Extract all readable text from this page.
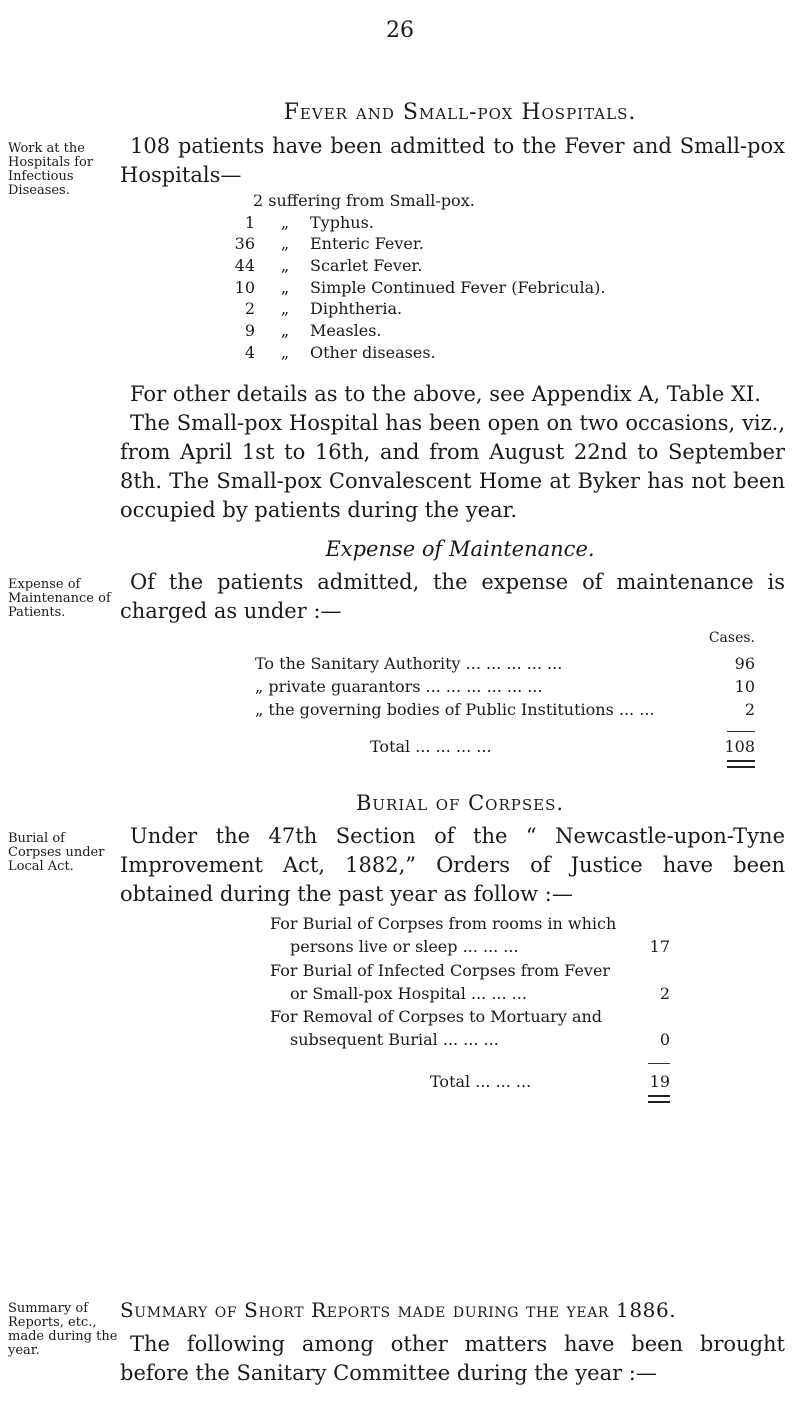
26
Fever and Small-pox Hospitals.
Work at the Hospitals for Infectious Diseases.
108 patients have been admitted to the Fever and Small-pox Hospitals—
2 suffering from Small-pox.
1	„	Typhus.
36	„	Enteric Fever.
44	„	Scarlet Fever.
10	„	Simple Continued Fever (Febricula).
2	„	Diphtheria.
9	„	Measles.
4	„	Other diseases.
For other details as to the above, see Appendix A, Table XI.
The Small-pox Hospital has been open on two occasions, viz., from April 1st to 16th, and from August 22nd to September 8th. The Small-pox Convalescent Home at Byker has not been occupied by patients during the year.
Expense of Maintenance.
Expense of Maintenance of Patients.
Of the patients admitted, the expense of maintenance is charged as under :—
Cases.
To the Sanitary Authority ... ... ... ... ...	96
„ private guarantors ... ... ... ... ... ...	10
„ the governing bodies of Public Institutions ... ...	2
Total ... ... ... ...	108
Burial of Corpses.
Burial of Corpses under Local Act.
Under the 47th Section of the “ Newcastle-upon-Tyne Improvement Act, 1882,” Orders of Justice have been obtained during the past year as follow :—
For Burial of Corpses from rooms in which
persons live or sleep ... ... ...	17
For Burial of Infected Corpses from Fever
or Small-pox Hospital ... ... ...	2
For Removal of Corpses to Mortuary and
subsequent Burial ... ... ...	0
Total ... ... ...	19
Summary of Reports, etc., made during the year.
Summary of Short Reports made during the year 1886.
The following among other matters have been brought before the Sanitary Committee during the year :—
